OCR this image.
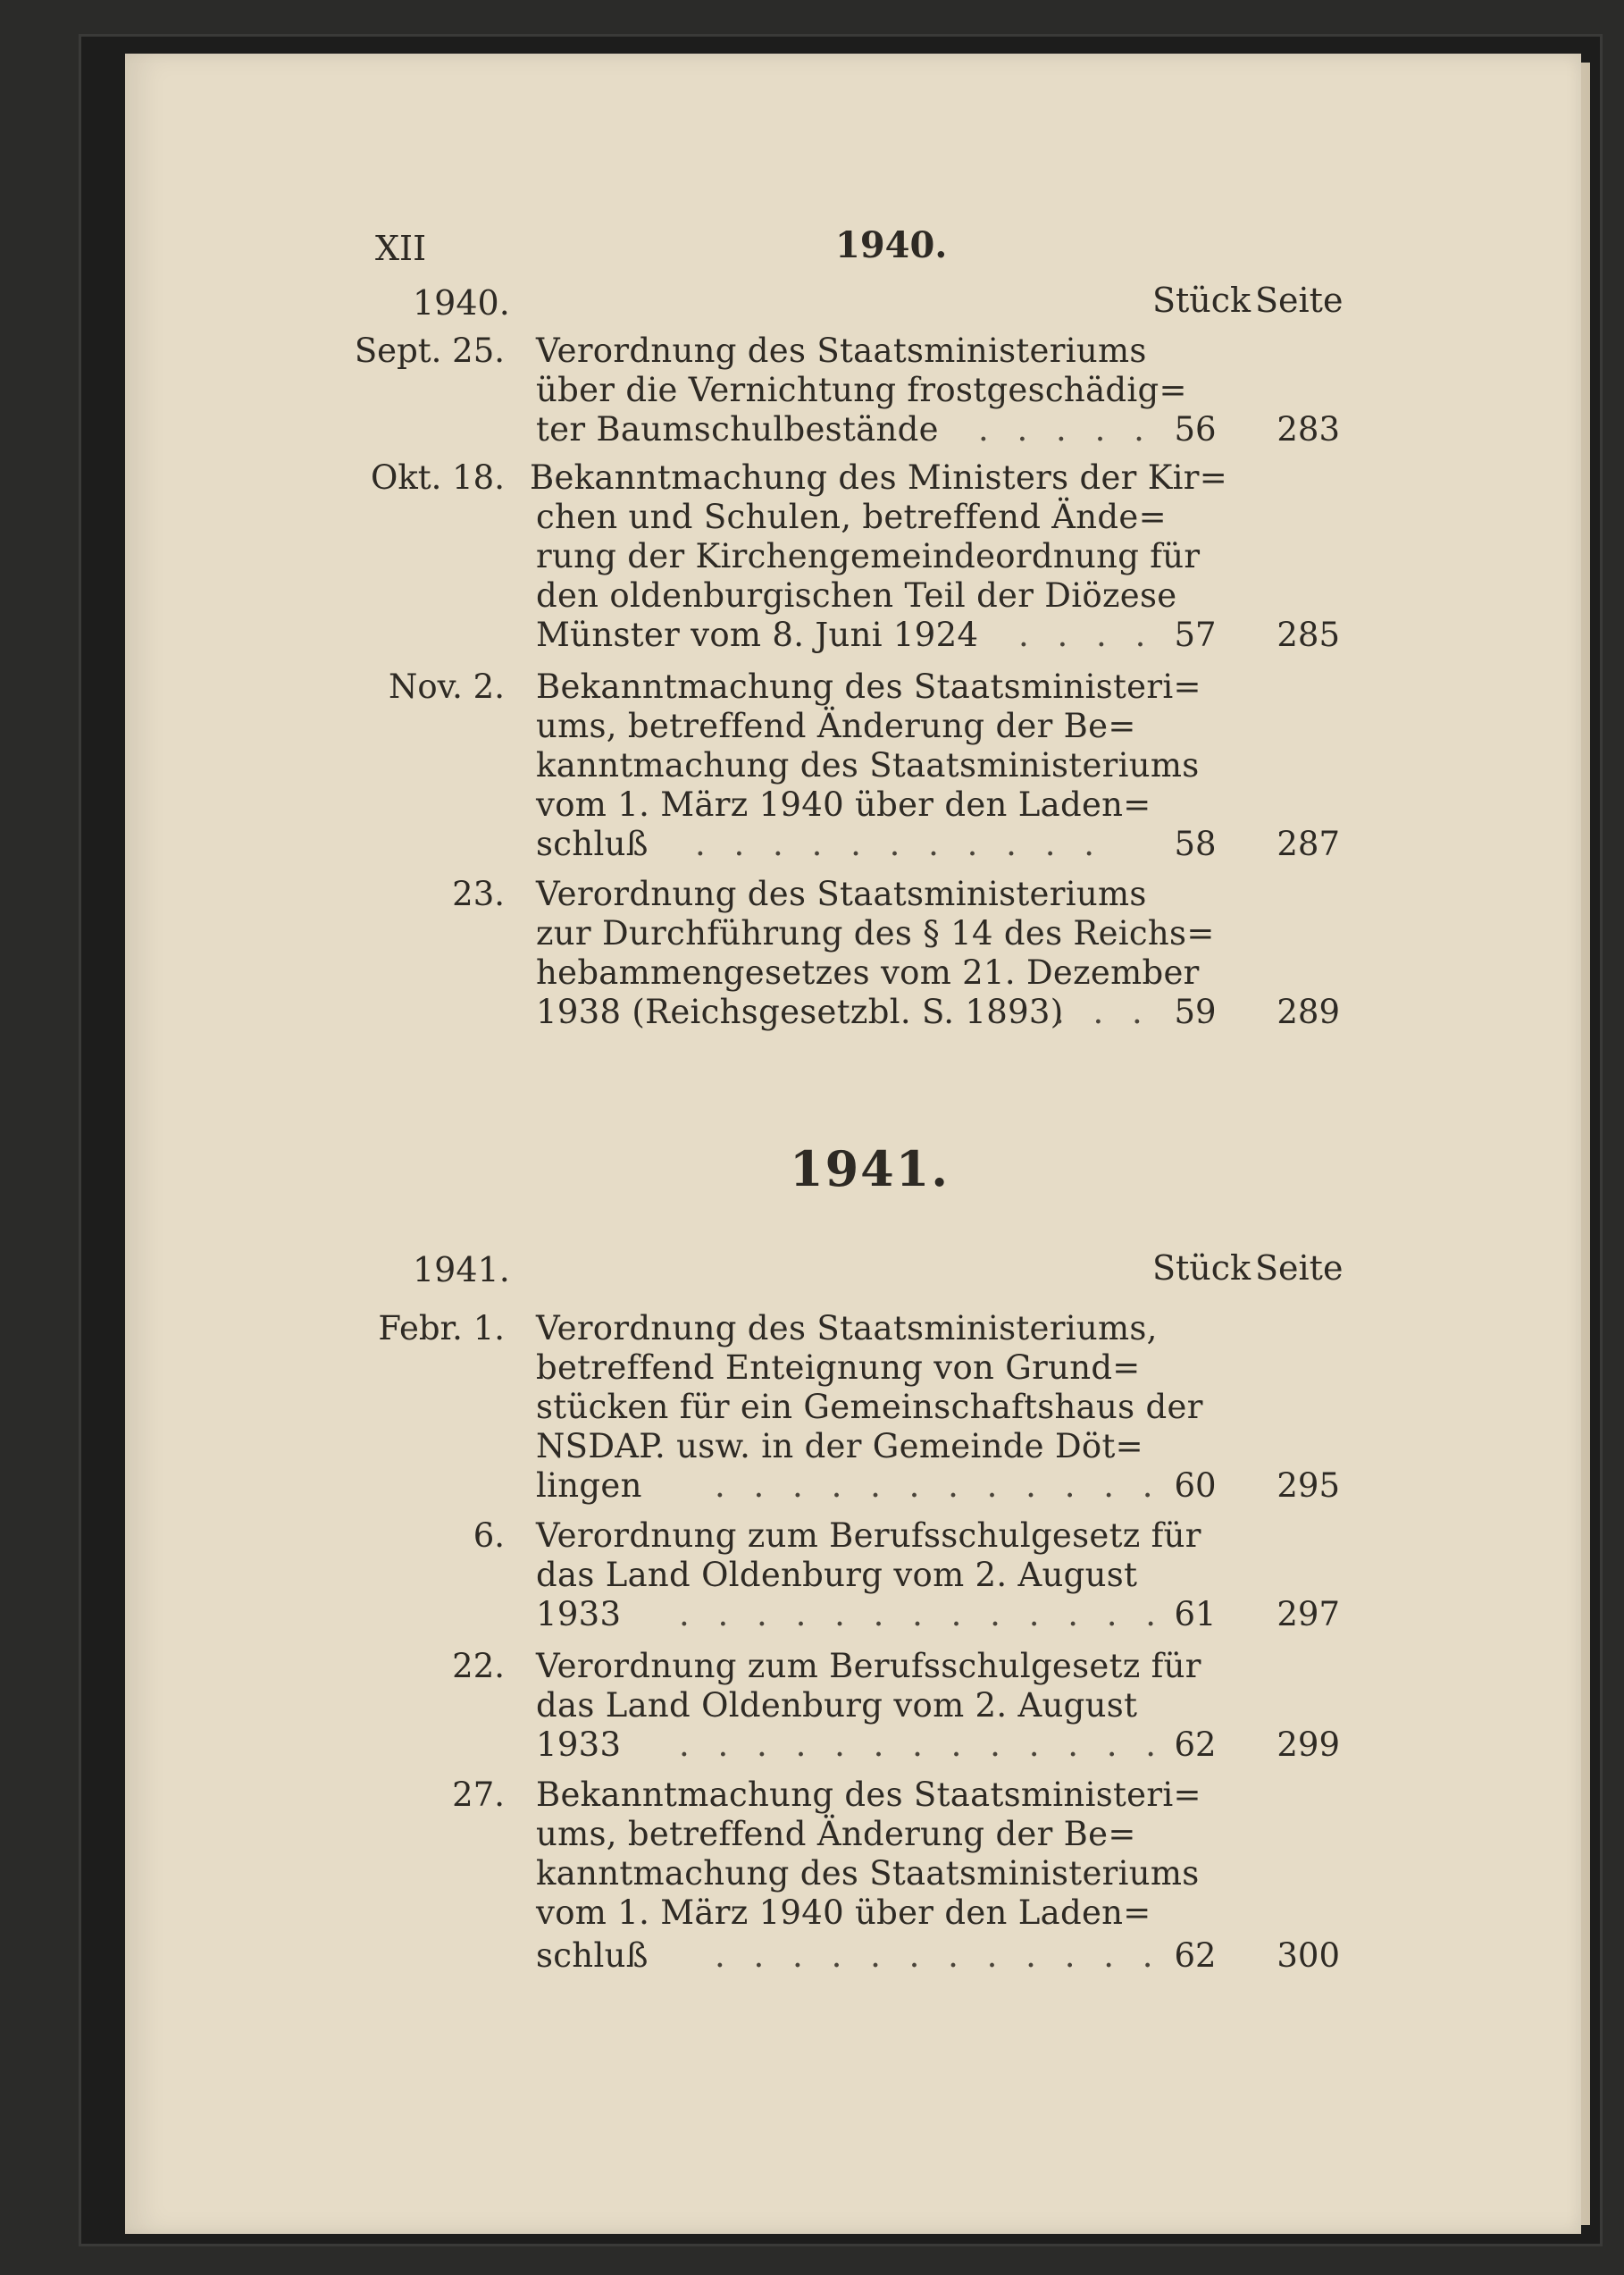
XII	1940.
1940.	Stück Seite
Sept. 25. Verordnung des Staatsministeriums
über die Vernichtung frostgeschädig=
ter Baumschulbestände . . . . . 56	283
Okt. 18. Bekanntmachung des Ministers der Kir=
chen und Schulen, betreffend Ände=
rung der Kirchengemeindeordnung für
den oldenburgischen Teil der Diözese
Münster vom 8. Juni 1924 . . . . 57	285
Nov. 2. Bekanntmachung des Staatsministeri=
ums, betreffend Änderung der Be=
kanntmachung des Staatsministeriums
vom 1. März 1940 über den Laden=
schluß . . . . . . . . . . .	58	287
23. Verordnung des Staatsministeriums
zur Durchführung des § 14 des Reichs=
hebammengesetzes vom 21. Dezember
1938 (Reichsgesetzbl. S. 1893)
. . . 59	289
1941.
1941.	Stück Seite
Febr. 1. Verordnung des Staatsministeriums,
betreffend Enteignung von Grund=
stücken für ein Gemeinschaftshaus der
NSDAP. usw. in der Gemeinde Döt=
lingen . . . . . . . . . . . . 60	295
6. Verordnung zum Berufsschulgesetz für
das Land Oldenburg vom 2. August
1933 . . . . . . . . . . . . . 61	297
22. Verordnung zum Berufsschulgesetz für
das Land Oldenburg vom 2. August
1933 . . . . . . . . . . . . . 62	299
27. Bekanntmachung des Staatsministeri=
ums, betreffend Änderung der Be=
kanntmachung des Staatsministeriums
vom 1. März 1940 über den Laden=
schluß . . . . . . . . . . . . 62	300
